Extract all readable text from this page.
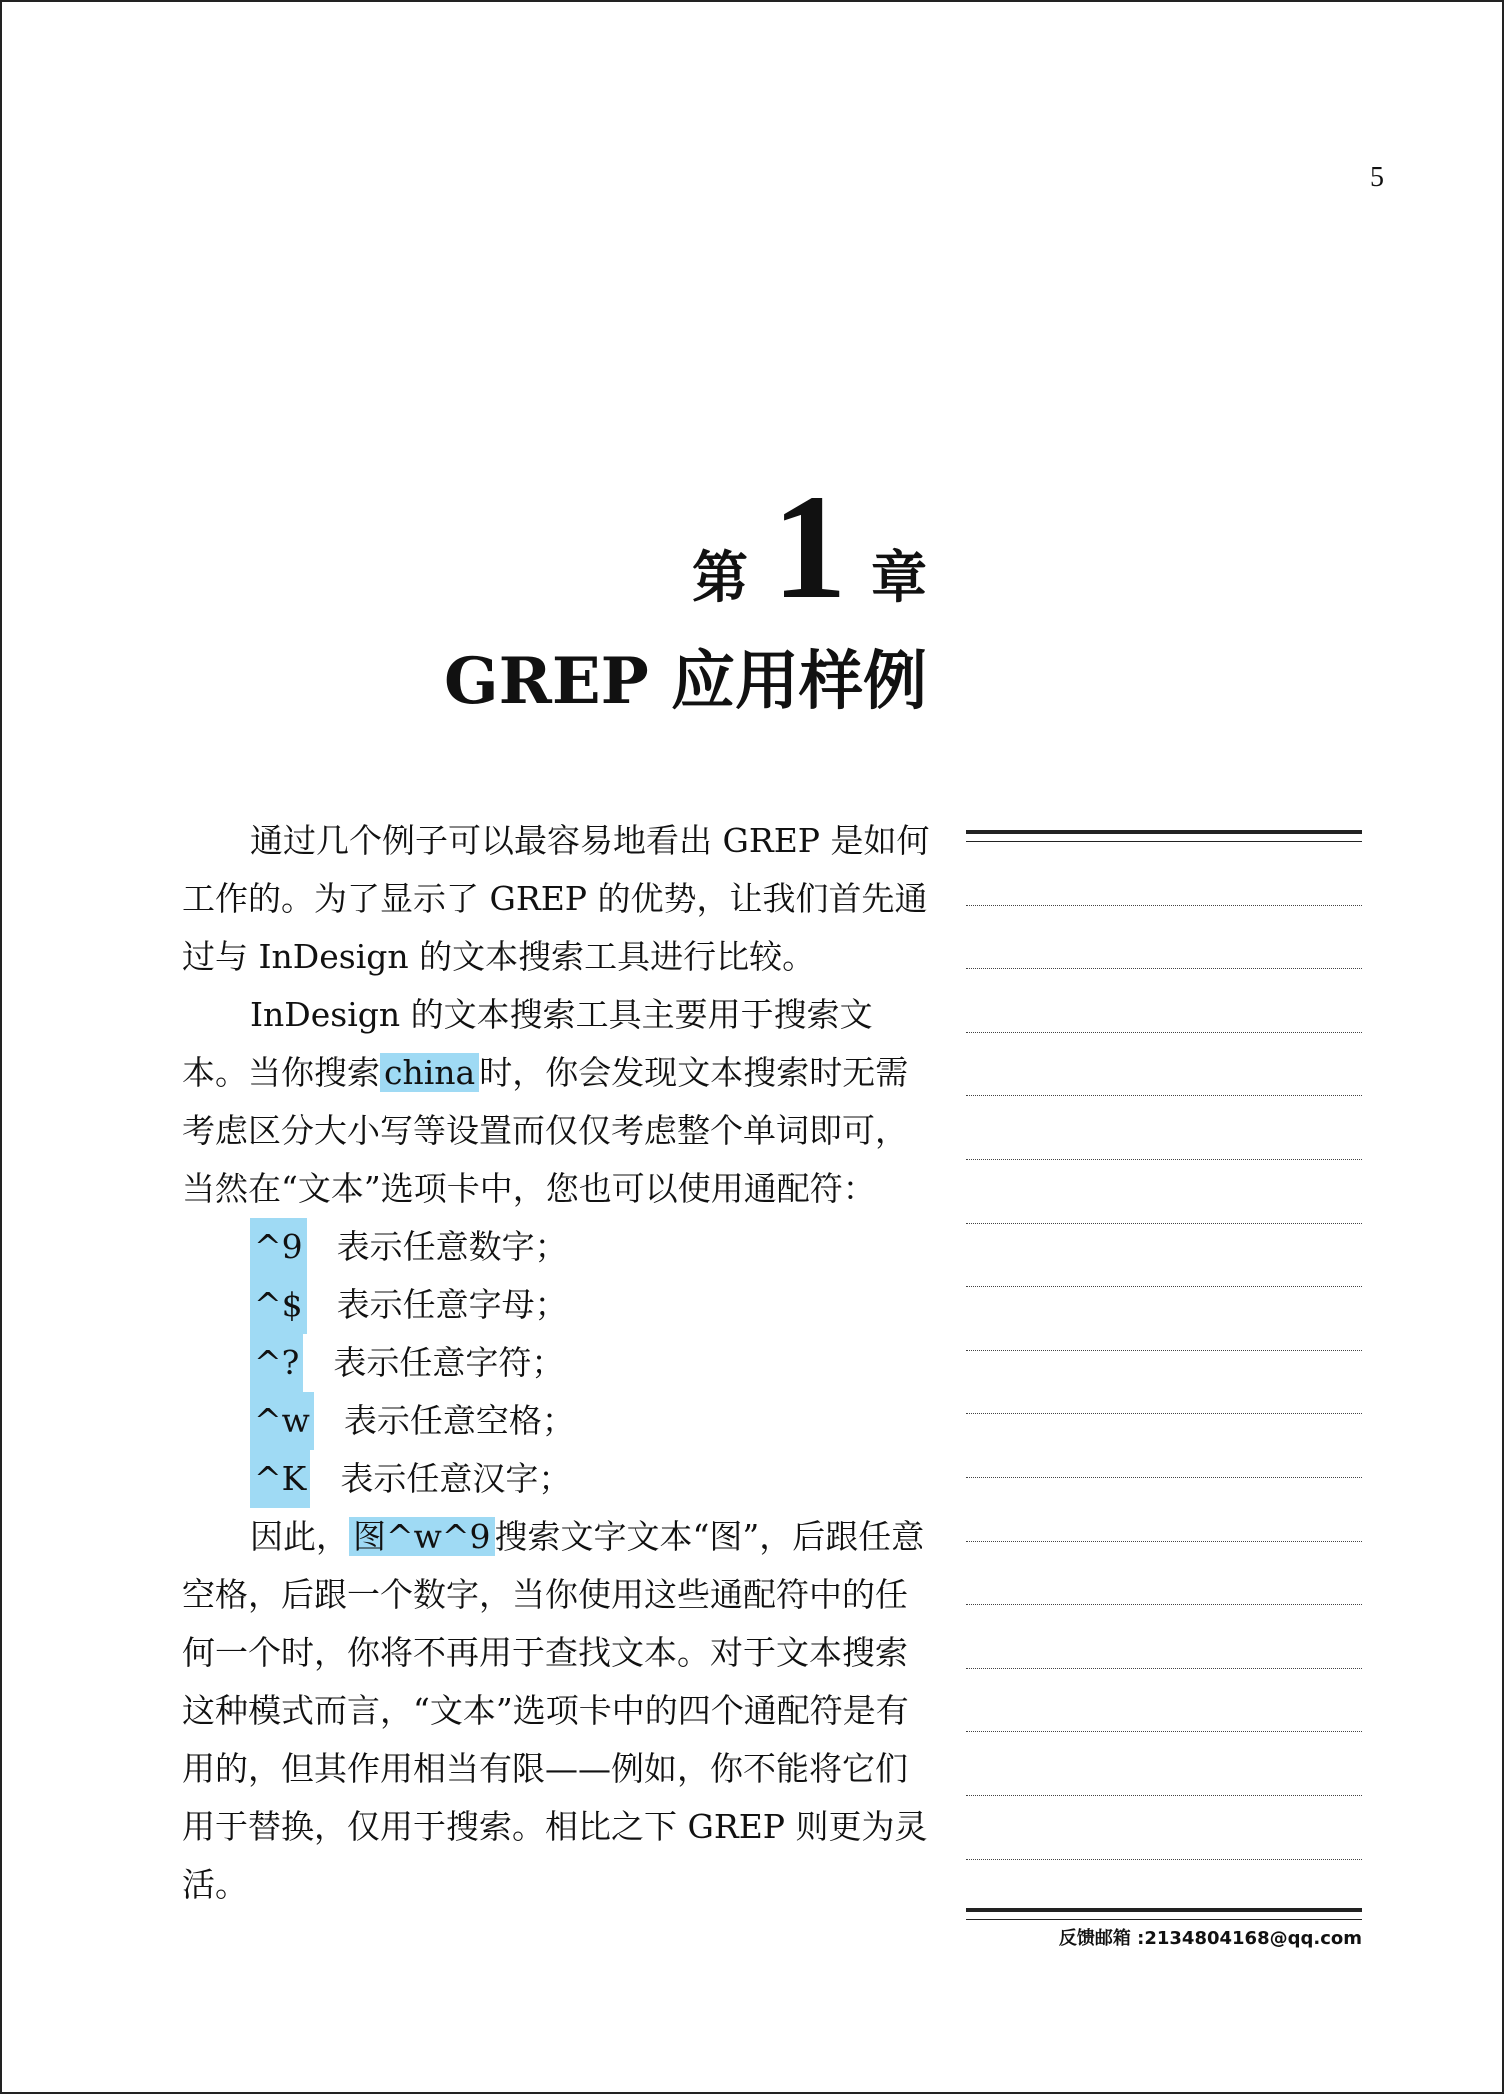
5
第 1 章
GREP 应用样例

通过几个例子可以最容易地看出 GREP 是如何工作的。为了显示了 GREP 的优势，让我们首先通过与 InDesign 的文本搜索工具进行比较。

InDesign 的文本搜索工具主要用于搜索文本。当你搜索 china 时，你会发现文本搜索时无需考虑区分大小写等设置而仅仅考虑整个单词即可，当然在“文本”选项卡中，您也可以使用通配符：

^9 表示任意数字；
^$ 表示任意字母；
^? 表示任意字符；
^w 表示任意空格；
^K 表示任意汉字；

因此， 图^w^9 搜索文字文本“图”，后跟任意空格，后跟一个数字，当你使用这些通配符中的任何一个时，你将不再用于查找文本。对于文本搜索这种模式而言，“文本”选项卡中的四个通配符是有用的，但其作用相当有限——例如，你不能将它们用于替换，仅用于搜索。相比之下 GREP 则更为灵活。

反馈邮箱 :2134804168@qq.com
